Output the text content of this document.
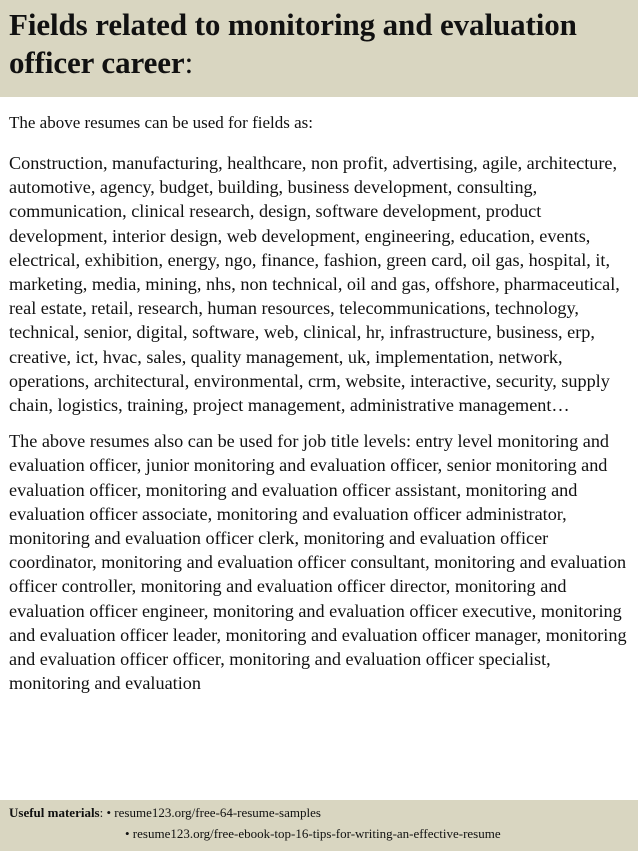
Fields related to monitoring and evaluation officer career:

The above resumes can be used for fields as:

Construction, manufacturing, healthcare, non profit, advertising, agile, architecture, automotive, agency, budget, building, business development, consulting, communication, clinical research, design, software development, product development, interior design, web development, engineering, education, events, electrical, exhibition, energy, ngo, finance, fashion, green card, oil gas, hospital, it, marketing, media, mining, nhs, non technical, oil and gas, offshore, pharmaceutical, real estate, retail, research, human resources, telecommunications, technology, technical, senior, digital, software, web, clinical, hr, infrastructure, business, erp, creative, ict, hvac, sales, quality management, uk, implementation, network, operations, architectural, environmental, crm, website, interactive, security, supply chain, logistics, training, project management, administrative management…

The above resumes also can be used for job title levels: entry level monitoring and evaluation officer, junior monitoring and evaluation officer, senior monitoring and evaluation officer, monitoring and evaluation officer assistant, monitoring and evaluation officer associate, monitoring and evaluation officer administrator, monitoring and evaluation officer clerk, monitoring and evaluation officer coordinator, monitoring and evaluation officer consultant, monitoring and evaluation officer controller, monitoring and evaluation officer director, monitoring and evaluation officer engineer, monitoring and evaluation officer executive, monitoring and evaluation officer leader, monitoring and evaluation officer manager, monitoring and evaluation officer officer, monitoring and evaluation officer specialist, monitoring and evaluation

Useful materials: • resume123.org/free-64-resume-samples
• resume123.org/free-ebook-top-16-tips-for-writing-an-effective-resume
